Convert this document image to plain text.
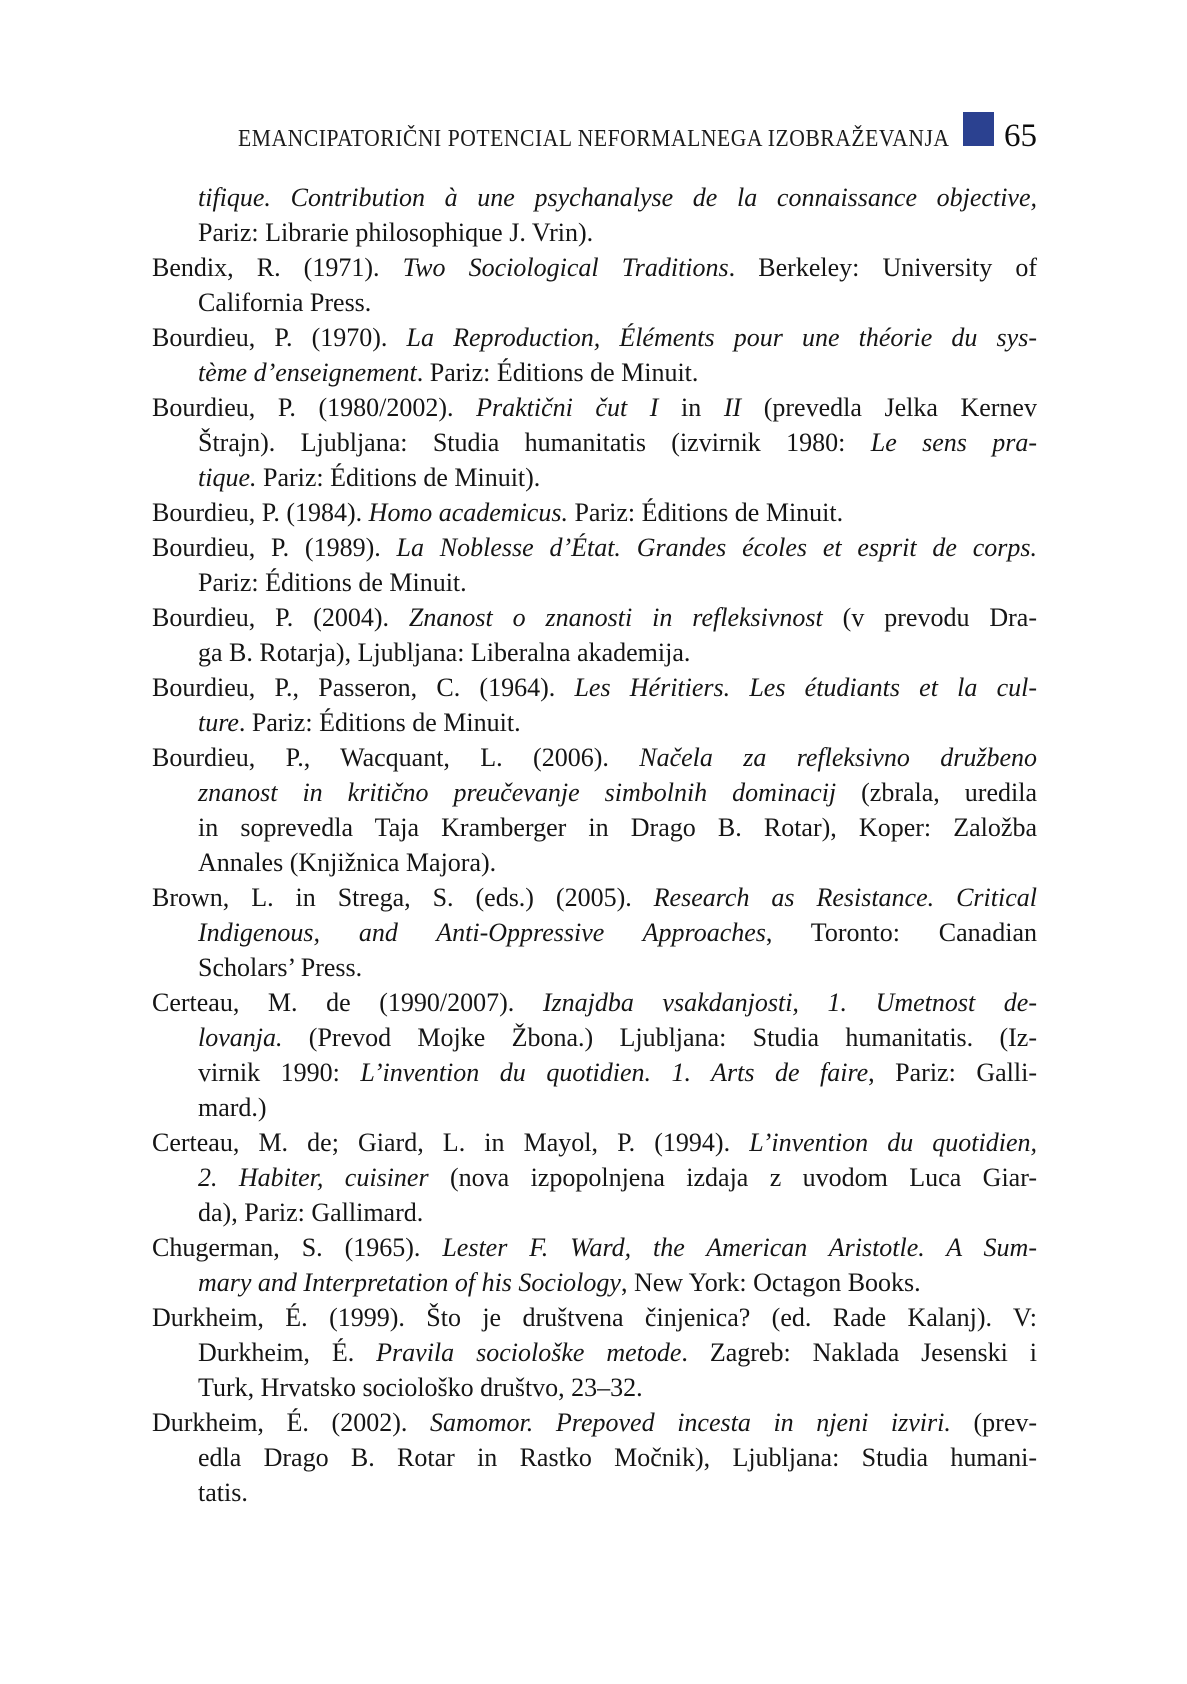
EMANCIPATORIČNI POTENCIAL NEFORMALNEGA IZOBRAŽEVANJA 65
tifique. Contribution à une psychanalyse de la connaissance objective,
Pariz: Librarie philosophique J. Vrin).
Bendix, R. (1971). Two Sociological Traditions. Berkeley: University of
California Press.
Bourdieu, P. (1970). La Reproduction, Éléments pour une théorie du sys-
tème d’enseignement. Pariz: Éditions de Minuit.
Bourdieu, P. (1980/2002). Praktični čut I in II (prevedla Jelka Kernev
Štrajn). Ljubljana: Studia humanitatis (izvirnik 1980: Le sens pra-
tique. Pariz: Éditions de Minuit).
Bourdieu, P. (1984). Homo academicus. Pariz: Éditions de Minuit.
Bourdieu, P. (1989). La Noblesse d’État. Grandes écoles et esprit de corps.
Pariz: Éditions de Minuit.
Bourdieu, P. (2004). Znanost o znanosti in refleksivnost (v prevodu Dra-
ga B. Rotarja), Ljubljana: Liberalna akademija.
Bourdieu, P., Passeron, C. (1964). Les Héritiers. Les étudiants et la cul-
ture. Pariz: Éditions de Minuit.
Bourdieu, P., Wacquant, L. (2006). Načela za refleksivno družbeno
znanost in kritično preučevanje simbolnih dominacij (zbrala, uredila
in soprevedla Taja Kramberger in Drago B. Rotar), Koper: Založba
Annales (Knjižnica Majora).
Brown, L. in Strega, S. (eds.) (2005). Research as Resistance. Critical
Indigenous, and Anti-Oppressive Approaches, Toronto: Canadian
Scholars’ Press.
Certeau, M. de (1990/2007). Iznajdba vsakdanjosti, 1. Umetnost de-
lovanja. (Prevod Mojke Žbona.) Ljubljana: Studia humanitatis. (Iz-
virnik 1990: L’invention du quotidien. 1. Arts de faire, Pariz: Galli-
mard.)
Certeau, M. de; Giard, L. in Mayol, P. (1994). L’invention du quotidien,
2. Habiter, cuisiner (nova izpopolnjena izdaja z uvodom Luca Giar-
da), Pariz: Gallimard.
Chugerman, S. (1965). Lester F. Ward, the American Aristotle. A Sum-
mary and Interpretation of his Sociology, New York: Octagon Books.
Durkheim, É. (1999). Što je društvena činjenica? (ed. Rade Kalanj). V:
Durkheim, É. Pravila sociološke metode. Zagreb: Naklada Jesenski i
Turk, Hrvatsko sociološko društvo, 23–32.
Durkheim, É. (2002). Samomor. Prepoved incesta in njeni izviri. (prev-
edla Drago B. Rotar in Rastko Močnik), Ljubljana: Studia humani-
tatis.
